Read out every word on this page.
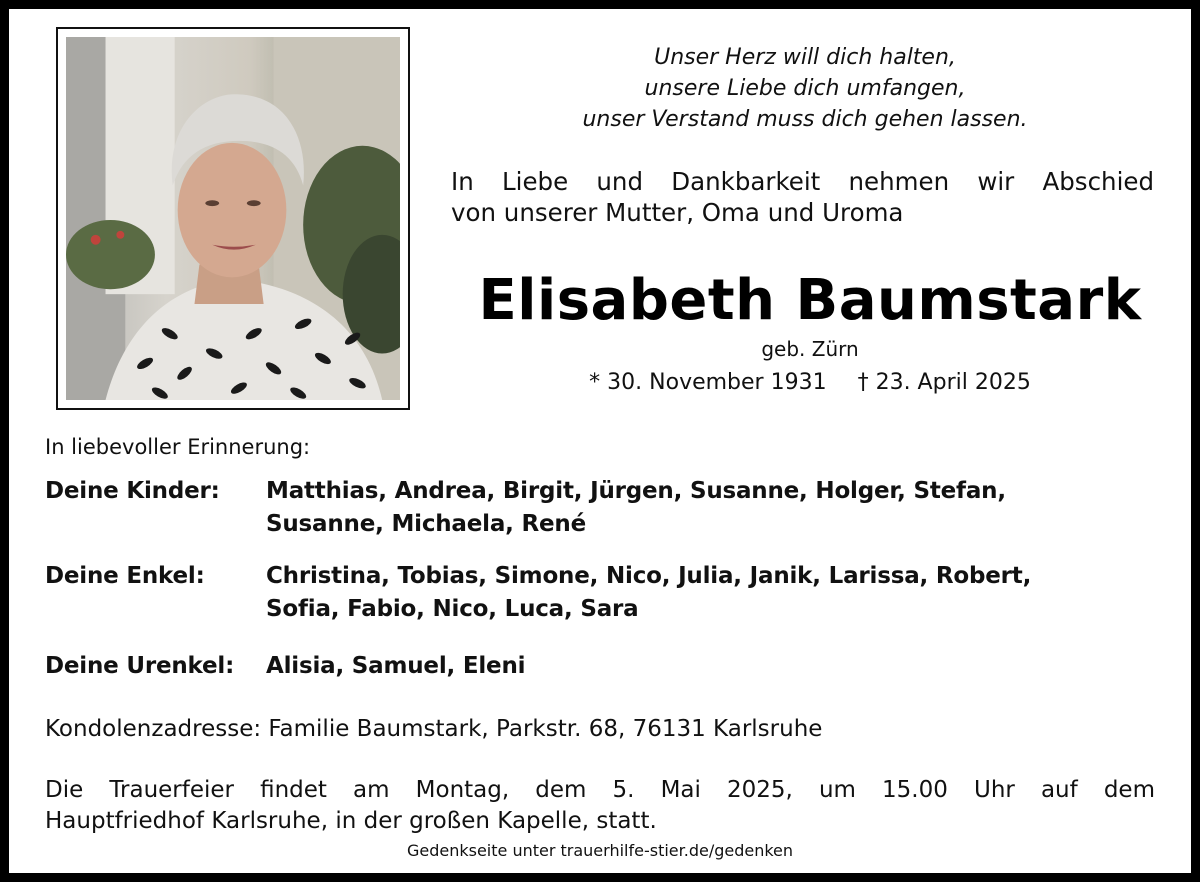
Unser Herz will dich halten,
unsere Liebe dich umfangen,
unser Verstand muss dich gehen lassen.
In Liebe und Dankbarkeit nehmen wir Abschied
von unserer Mutter, Oma und Uroma
Elisabeth Baumstark
geb. Zürn
* 30. November 1931 † 23. April 2025
In liebevoller Erinnerung:
Deine Kinder: Matthias, Andrea, Birgit, Jürgen, Susanne, Holger, Stefan,
Susanne, Michaela, René
Deine Enkel:	Christina, Tobias, Simone, Nico, Julia, Janik, Larissa, Robert,
Sofia, Fabio, Nico, Luca, Sara
Deine Urenkel: Alisia, Samuel, Eleni
Kondolenzadresse: Familie Baumstark, Parkstr. 68, 76131 Karlsruhe
Die Trauerfeier findet am Montag, dem 5. Mai 2025, um 15.00 Uhr auf dem
Hauptfriedhof Karlsruhe, in der großen Kapelle, statt.
Gedenkseite unter trauerhilfe-stier.de/gedenken
